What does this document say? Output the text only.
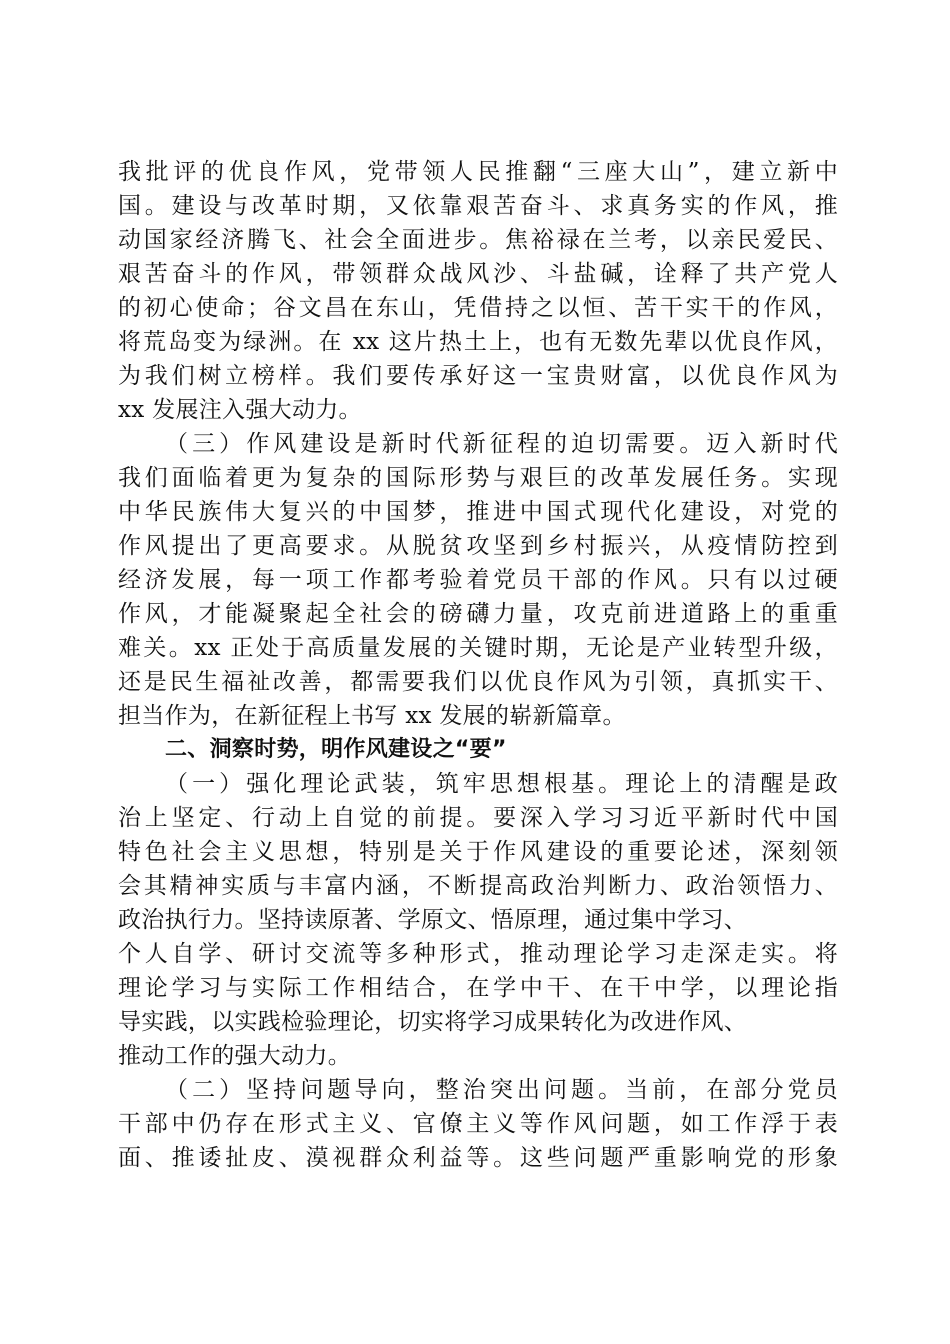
我批评的优良作风，党带领人民推翻“三座大山”，建立新中
国。建设与改革时期，又依靠艰苦奋斗、求真务实的作风，推
动国家经济腾飞、社会全面进步。焦裕禄在兰考，以亲民爱民、
艰苦奋斗的作风，带领群众战风沙、斗盐碱，诠释了共产党人
的初心使命；谷文昌在东山，凭借持之以恒、苦干实干的作风，
将荒岛变为绿洲。在 xx 这片热土上，也有无数先辈以优良作风，
为我们树立榜样。我们要传承好这一宝贵财富，以优良作风为
xx 发展注入强大动力。
（三）作风建设是新时代新征程的迫切需要。迈入新时代
我们面临着更为复杂的国际形势与艰巨的改革发展任务。实现
中华民族伟大复兴的中国梦，推进中国式现代化建设，对党的
作风提出了更高要求。从脱贫攻坚到乡村振兴，从疫情防控到
经济发展，每一项工作都考验着党员干部的作风。只有以过硬
作风，才能凝聚起全社会的磅礴力量，攻克前进道路上的重重
难关。xx 正处于高质量发展的关键时期，无论是产业转型升级，
还是民生福祉改善，都需要我们以优良作风为引领，真抓实干、
担当作为，在新征程上书写 xx 发展的崭新篇章。
二、洞察时势，明作风建设之“要”
（一）强化理论武装，筑牢思想根基。理论上的清醒是政
治上坚定、行动上自觉的前提。要深入学习习近平新时代中国
特色社会主义思想，特别是关于作风建设的重要论述，深刻领
会其精神实质与丰富内涵，不断提高政治判断力、政治领悟力、
政治执行力。坚持读原著、学原文、悟原理，通过集中学习、
个人自学、研讨交流等多种形式，推动理论学习走深走实。将
理论学习与实际工作相结合，在学中干、在干中学，以理论指
导实践，以实践检验理论，切实将学习成果转化为改进作风、
推动工作的强大动力。
（二）坚持问题导向，整治突出问题。当前，在部分党员
干部中仍存在形式主义、官僚主义等作风问题，如工作浮于表
面、推诿扯皮、漠视群众利益等。这些问题严重影响党的形象
